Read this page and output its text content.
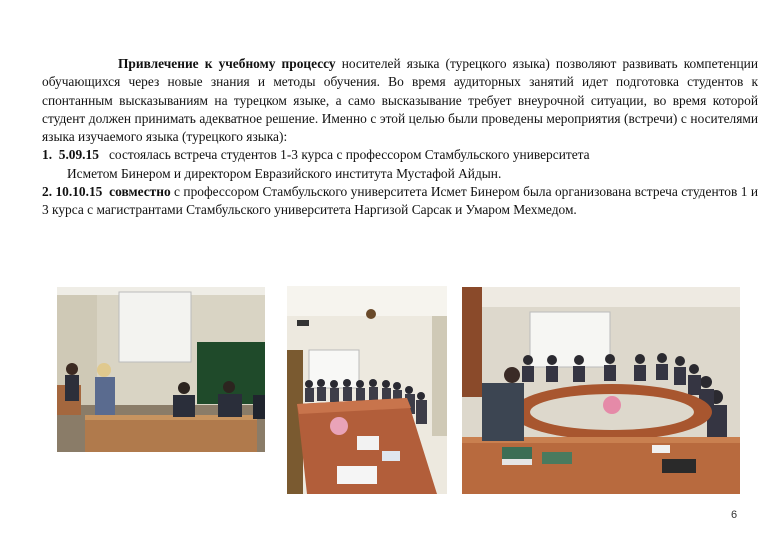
Привлечение к учебному процессу носителей языка (турецкого языка) позволяют развивать компетенции обучающихся через новые знания и методы обучения. Во время аудиторных занятий идет подготовка студентов к спонтанным высказываниям на турецком языке, а само высказывание требует внеурочной ситуации, во время которой студент должен принимать адекватное решение. Именно с этой целью были проведены мероприятия (встречи) с носителями языка изучаемого языка (турецкого языка):

1. 5.09.15 состоялась встреча студентов 1-3 курса с профессором Стамбульского университета

Исметом Бинером и директором Евразийского института Мустафой Айдын.

2. 10.10.15 совместно с профессором Стамбульского университета Исмет Бинером была организована встреча студентов 1 и 3 курса с магистрантами Стамбульского университета Наргизой Сарсак и Умаром Мехмедом.

6
